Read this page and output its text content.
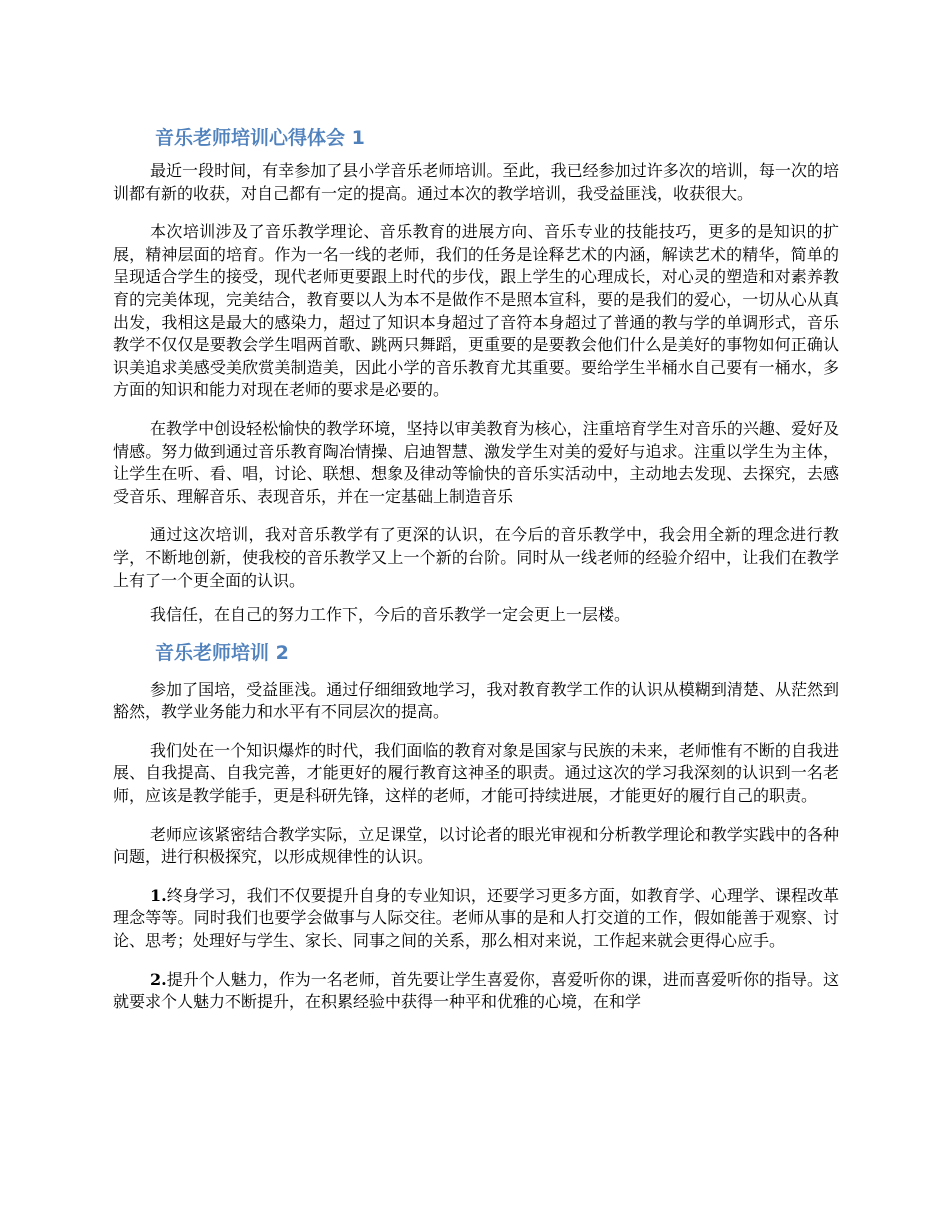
音乐老师培训心得体会 1

最近一段时间，有幸参加了县小学音乐老师培训。至此，我已经参加过许多次的培训，每一次的培训都有新的收获，对自己都有一定的提高。通过本次的教学培训，我受益匪浅，收获很大。

本次培训涉及了音乐教学理论、音乐教育的进展方向、音乐专业的技能技巧，更多的是知识的扩展，精神层面的培育。作为一名一线的老师，我们的任务是诠释艺术的内涵，解读艺术的精华，简单的呈现适合学生的接受，现代老师更要跟上时代的步伐，跟上学生的心理成长，对心灵的塑造和对素养教育的完美体现，完美结合，教育要以人为本不是做作不是照本宣科，要的是我们的爱心，一切从心从真出发，我相这是最大的感染力，超过了知识本身超过了音符本身超过了普通的教与学的单调形式，音乐教学不仅仅是要教会学生唱两首歌、跳两只舞蹈，更重要的是要教会他们什么是美好的事物如何正确认识美追求美感受美欣赏美制造美，因此小学的音乐教育尤其重要。要给学生半桶水自己要有一桶水，多方面的知识和能力对现在老师的要求是必要的。

在教学中创设轻松愉快的教学环境，坚持以审美教育为核心，注重培育学生对音乐的兴趣、爱好及情感。努力做到通过音乐教育陶冶情操、启迪智慧、激发学生对美的爱好与追求。注重以学生为主体，让学生在听、看、唱，讨论、联想、想象及律动等愉快的音乐实活动中，主动地去发现、去探究，去感受音乐、理解音乐、表现音乐，并在一定基础上制造音乐

通过这次培训，我对音乐教学有了更深的认识，在今后的音乐教学中，我会用全新的理念进行教学，不断地创新，使我校的音乐教学又上一个新的台阶。同时从一线老师的经验介绍中，让我们在教学上有了一个更全面的认识。

我信任，在自己的努力工作下，今后的音乐教学一定会更上一层楼。

音乐老师培训 2

参加了国培，受益匪浅。通过仔细细致地学习，我对教育教学工作的认识从模糊到清楚、从茫然到豁然，教学业务能力和水平有不同层次的提高。

我们处在一个知识爆炸的时代，我们面临的教育对象是国家与民族的未来，老师惟有不断的自我进展、自我提高、自我完善，才能更好的履行教育这神圣的职责。通过这次的学习我深刻的认识到一名老师，应该是教学能手，更是科研先锋，这样的老师，才能可持续进展，才能更好的履行自己的职责。

老师应该紧密结合教学实际，立足课堂，以讨论者的眼光审视和分析教学理论和教学实践中的各种问题，进行积极探究，以形成规律性的认识。

1.终身学习，我们不仅要提升自身的专业知识，还要学习更多方面，如教育学、心理学、课程改革理念等等。同时我们也要学会做事与人际交往。老师从事的是和人打交道的工作，假如能善于观察、讨论、思考；处理好与学生、家长、同事之间的关系，那么相对来说，工作起来就会更得心应手。

2.提升个人魅力，作为一名老师，首先要让学生喜爱你，喜爱听你的课，进而喜爱听你的指导。这就要求个人魅力不断提升，在积累经验中获得一种平和优雅的心境，在和学
